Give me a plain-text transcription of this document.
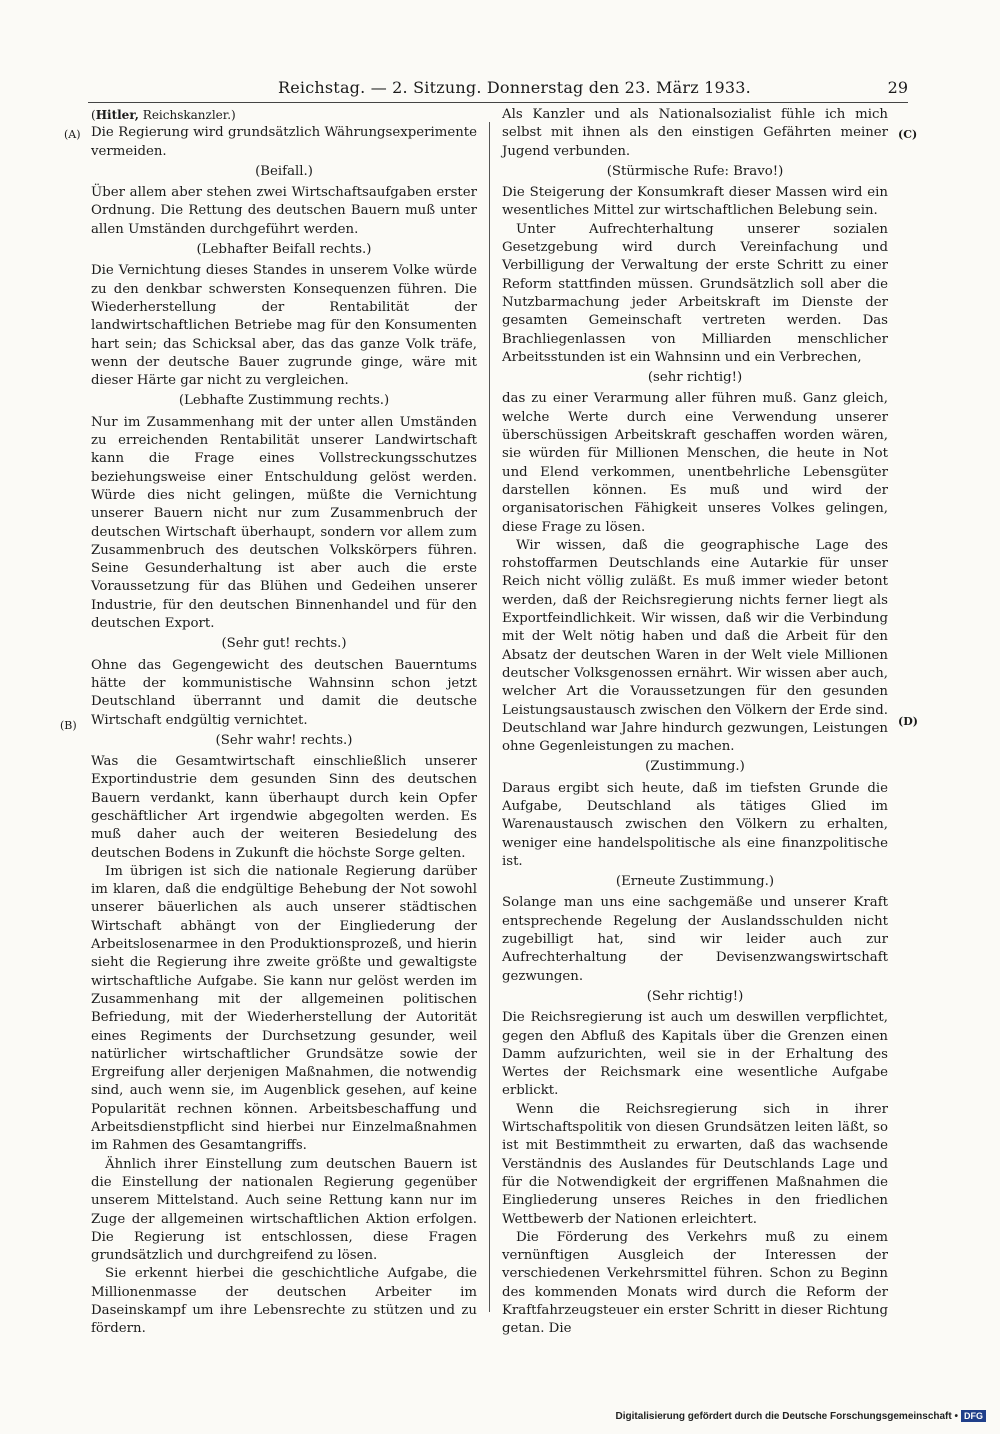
Reichstag. — 2. Sitzung. Donnerstag den 23. März 1933.	29
(A)
(B)
(C)
(D)

(Hitler, Reichskanzler.)

Die Regierung wird grundsätzlich Währungsexperimente vermeiden.

(Beifall.)

Über allem aber stehen zwei Wirtschaftsaufgaben erster Ordnung. Die Rettung des deutschen Bauern muß unter allen Umständen durchgeführt werden.

(Lebhafter Beifall rechts.)

Die Vernichtung dieses Standes in unserem Volke würde zu den denkbar schwersten Konsequenzen führen. Die Wiederherstellung der Rentabilität der landwirtschaftlichen Betriebe mag für den Konsumenten hart sein; das Schicksal aber, das das ganze Volk träfe, wenn der deutsche Bauer zugrunde ginge, wäre mit dieser Härte gar nicht zu vergleichen.

(Lebhafte Zustimmung rechts.)

Nur im Zusammenhang mit der unter allen Umständen zu erreichenden Rentabilität unserer Landwirtschaft kann die Frage eines Vollstreckungsschutzes beziehungsweise einer Entschuldung gelöst werden. Würde dies nicht gelingen, müßte die Vernichtung unserer Bauern nicht nur zum Zusammenbruch der deutschen Wirtschaft überhaupt, sondern vor allem zum Zusammenbruch des deutschen Volkskörpers führen. Seine Gesunderhaltung ist aber auch die erste Voraussetzung für das Blühen und Gedeihen unserer Industrie, für den deutschen Binnenhandel und für den deutschen Export.

(Sehr gut! rechts.)

Ohne das Gegengewicht des deutschen Bauerntums hätte der kommunistische Wahnsinn schon jetzt Deutschland überrannt und damit die deutsche Wirtschaft endgültig vernichtet.

(Sehr wahr! rechts.)

Was die Gesamtwirtschaft einschließlich unserer Exportindustrie dem gesunden Sinn des deutschen Bauern verdankt, kann überhaupt durch kein Opfer geschäftlicher Art irgendwie abgegolten werden. Es muß daher auch der weiteren Besiedelung des deutschen Bodens in Zukunft die höchste Sorge gelten.

Im übrigen ist sich die nationale Regierung darüber im klaren, daß die endgültige Behebung der Not sowohl unserer bäuerlichen als auch unserer städtischen Wirtschaft abhängt von der Eingliederung der Arbeitslosenarmee in den Produktionsprozeß, und hierin sieht die Regierung ihre zweite größte und gewaltigste wirtschaftliche Aufgabe. Sie kann nur gelöst werden im Zusammenhang mit der allgemeinen politischen Befriedung, mit der Wiederherstellung der Autorität eines Regiments der Durchsetzung gesunder, weil natürlicher wirtschaftlicher Grundsätze sowie der Ergreifung aller derjenigen Maßnahmen, die notwendig sind, auch wenn sie, im Augenblick gesehen, auf keine Popularität rechnen können. Arbeitsbeschaffung und Arbeitsdienstpflicht sind hierbei nur Einzelmaßnahmen im Rahmen des Gesamtangriffs.

Ähnlich ihrer Einstellung zum deutschen Bauern ist die Einstellung der nationalen Regierung gegenüber unserem Mittelstand. Auch seine Rettung kann nur im Zuge der allgemeinen wirtschaftlichen Aktion erfolgen. Die Regierung ist entschlossen, diese Fragen grundsätzlich und durchgreifend zu lösen.

Sie erkennt hierbei die geschichtliche Aufgabe, die Millionenmasse der deutschen Arbeiter im Daseinskampf um ihre Lebensrechte zu stützen und zu fördern.

Als Kanzler und als Nationalsozialist fühle ich mich selbst mit ihnen als den einstigen Gefährten meiner Jugend verbunden.

(Stürmische Rufe: Bravo!)

Die Steigerung der Konsumkraft dieser Massen wird ein wesentliches Mittel zur wirtschaftlichen Belebung sein.

Unter Aufrechterhaltung unserer sozialen Gesetzgebung wird durch Vereinfachung und Verbilligung der Verwaltung der erste Schritt zu einer Reform stattfinden müssen. Grundsätzlich soll aber die Nutzbarmachung jeder Arbeitskraft im Dienste der gesamten Gemeinschaft vertreten werden. Das Brachliegenlassen von Milliarden menschlicher Arbeitsstunden ist ein Wahnsinn und ein Verbrechen,

(sehr richtig!)

das zu einer Verarmung aller führen muß. Ganz gleich, welche Werte durch eine Verwendung unserer überschüssigen Arbeitskraft geschaffen worden wären, sie würden für Millionen Menschen, die heute in Not und Elend verkommen, unentbehrliche Lebensgüter darstellen können. Es muß und wird der organisatorischen Fähigkeit unseres Volkes gelingen, diese Frage zu lösen.

Wir wissen, daß die geographische Lage des rohstoffarmen Deutschlands eine Autarkie für unser Reich nicht völlig zuläßt. Es muß immer wieder betont werden, daß der Reichsregierung nichts ferner liegt als Exportfeindlichkeit. Wir wissen, daß wir die Verbindung mit der Welt nötig haben und daß die Arbeit für den Absatz der deutschen Waren in der Welt viele Millionen deutscher Volksgenossen ernährt. Wir wissen aber auch, welcher Art die Voraussetzungen für den gesunden Leistungsaustausch zwischen den Völkern der Erde sind. Deutschland war Jahre hindurch gezwungen, Leistungen ohne Gegenleistungen zu machen.

(Zustimmung.)

Daraus ergibt sich heute, daß im tiefsten Grunde die Aufgabe, Deutschland als tätiges Glied im Warenaustausch zwischen den Völkern zu erhalten, weniger eine handelspolitische als eine finanzpolitische ist.

(Erneute Zustimmung.)

Solange man uns eine sachgemäße und unserer Kraft entsprechende Regelung der Auslandsschulden nicht zugebilligt hat, sind wir leider auch zur Aufrechterhaltung der Devisenzwangswirtschaft gezwungen.

(Sehr richtig!)

Die Reichsregierung ist auch um deswillen verpflichtet, gegen den Abfluß des Kapitals über die Grenzen einen Damm aufzurichten, weil sie in der Erhaltung des Wertes der Reichsmark eine wesentliche Aufgabe erblickt.

Wenn die Reichsregierung sich in ihrer Wirtschaftspolitik von diesen Grundsätzen leiten läßt, so ist mit Bestimmtheit zu erwarten, daß das wachsende Verständnis des Auslandes für Deutschlands Lage und für die Notwendigkeit der ergriffenen Maßnahmen die Eingliederung unseres Reiches in den friedlichen Wettbewerb der Nationen erleichtert.

Die Förderung des Verkehrs muß zu einem vernünftigen Ausgleich der Interessen der verschiedenen Verkehrsmittel führen. Schon zu Beginn des kommenden Monats wird durch die Reform der Kraftfahrzeugsteuer ein erster Schritt in dieser Richtung getan. Die

Digitalisierung gefördert durch die Deutsche Forschungsgemeinschaft • DFG
